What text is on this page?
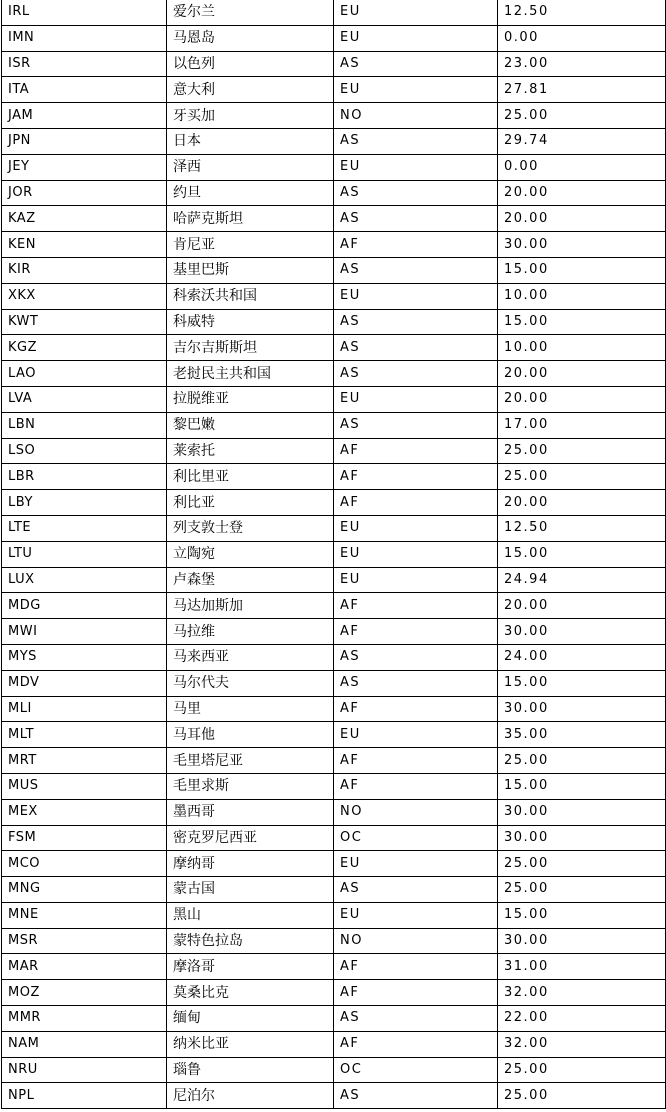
IRL	爱尔兰	EU	12.50
IMN	马恩岛	EU	0.00
ISR	以色列	AS	23.00
ITA	意大利	EU	27.81
JAM	牙买加	NO	25.00
JPN	日本	AS	29.74
JEY	泽西	EU	0.00
JOR	约旦	AS	20.00
KAZ	哈萨克斯坦	AS	20.00
KEN	肯尼亚	AF	30.00
KIR	基里巴斯	AS	15.00
XKX	科索沃共和国	EU	10.00
KWT	科威特	AS	15.00
KGZ	吉尔吉斯斯坦	AS	10.00
LAO	老挝民主共和国	AS	20.00
LVA	拉脱维亚	EU	20.00
LBN	黎巴嫩	AS	17.00
LSO	莱索托	AF	25.00
LBR	利比里亚	AF	25.00
LBY	利比亚	AF	20.00
LTE	列支敦士登	EU	12.50
LTU	立陶宛	EU	15.00
LUX	卢森堡	EU	24.94
MDG	马达加斯加	AF	20.00
MWI	马拉维	AF	30.00
MYS	马来西亚	AS	24.00
MDV	马尔代夫	AS	15.00
MLI	马里	AF	30.00
MLT	马耳他	EU	35.00
MRT	毛里塔尼亚	AF	25.00
MUS	毛里求斯	AF	15.00
MEX	墨西哥	NO	30.00
FSM	密克罗尼西亚	OC	30.00
MCO	摩纳哥	EU	25.00
MNG	蒙古国	AS	25.00
MNE	黑山	EU	15.00
MSR	蒙特色拉岛	NO	30.00
MAR	摩洛哥	AF	31.00
MOZ	莫桑比克	AF	32.00
MMR	缅甸	AS	22.00
NAM	纳米比亚	AF	32.00
NRU	瑙鲁	OC	25.00
NPL	尼泊尔	AS	25.00
